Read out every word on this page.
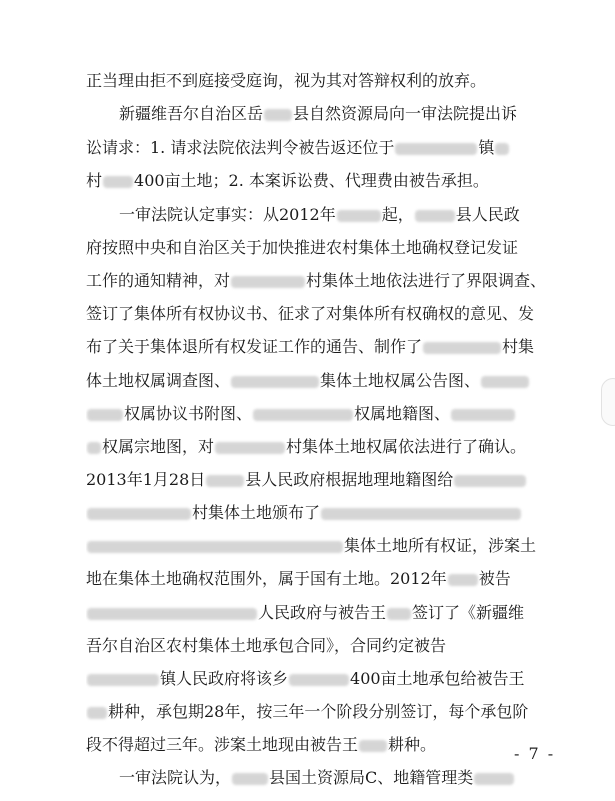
正当理由拒不到庭接受庭询，视为其对答辩权利的放弃。
新疆维吾尔自治区岳 县自然资源局向一审法院提出诉
讼请求：1. 请求法院依法判令被告返还位于	镇
村 400亩土地；2. 本案诉讼费、代理费由被告承担。
一审法院认定事实：从2012年	起，	县人民政
府按照中央和自治区关于加快推进农村集体土地确权登记发证
工作的通知精神，对	村集体土地依法进行了界限调查、
签订了集体所有权协议书、征求了对集体所有权确权的意见、发
布了关于集体退所有权发证工作的通告、制作了	村集
体土地权属调查图、	集体土地权属公告图、
权属协议书附图、	权属地籍图、
权属宗地图，对	村集体土地权属依法进行了确认。
2013年1月28日	县人民政府根据地理地籍图给
村集体土地颁布了
集体土地所有权证，涉案土
地在集体土地确权范围外，属于国有土地。2012年 被告
人民政府与被告王 签订了《新疆维
吾尔自治区农村集体土地承包合同》，合同约定被告
镇人民政府将该乡	400亩土地承包给被告王
耕种，承包期28年，按三年一个阶段分别签订，每个承包阶
段不得超过三年。涉案土地现由被告王 耕种。
一审法院认为， 县国土资源局C、地籍管理类
- 7 -
